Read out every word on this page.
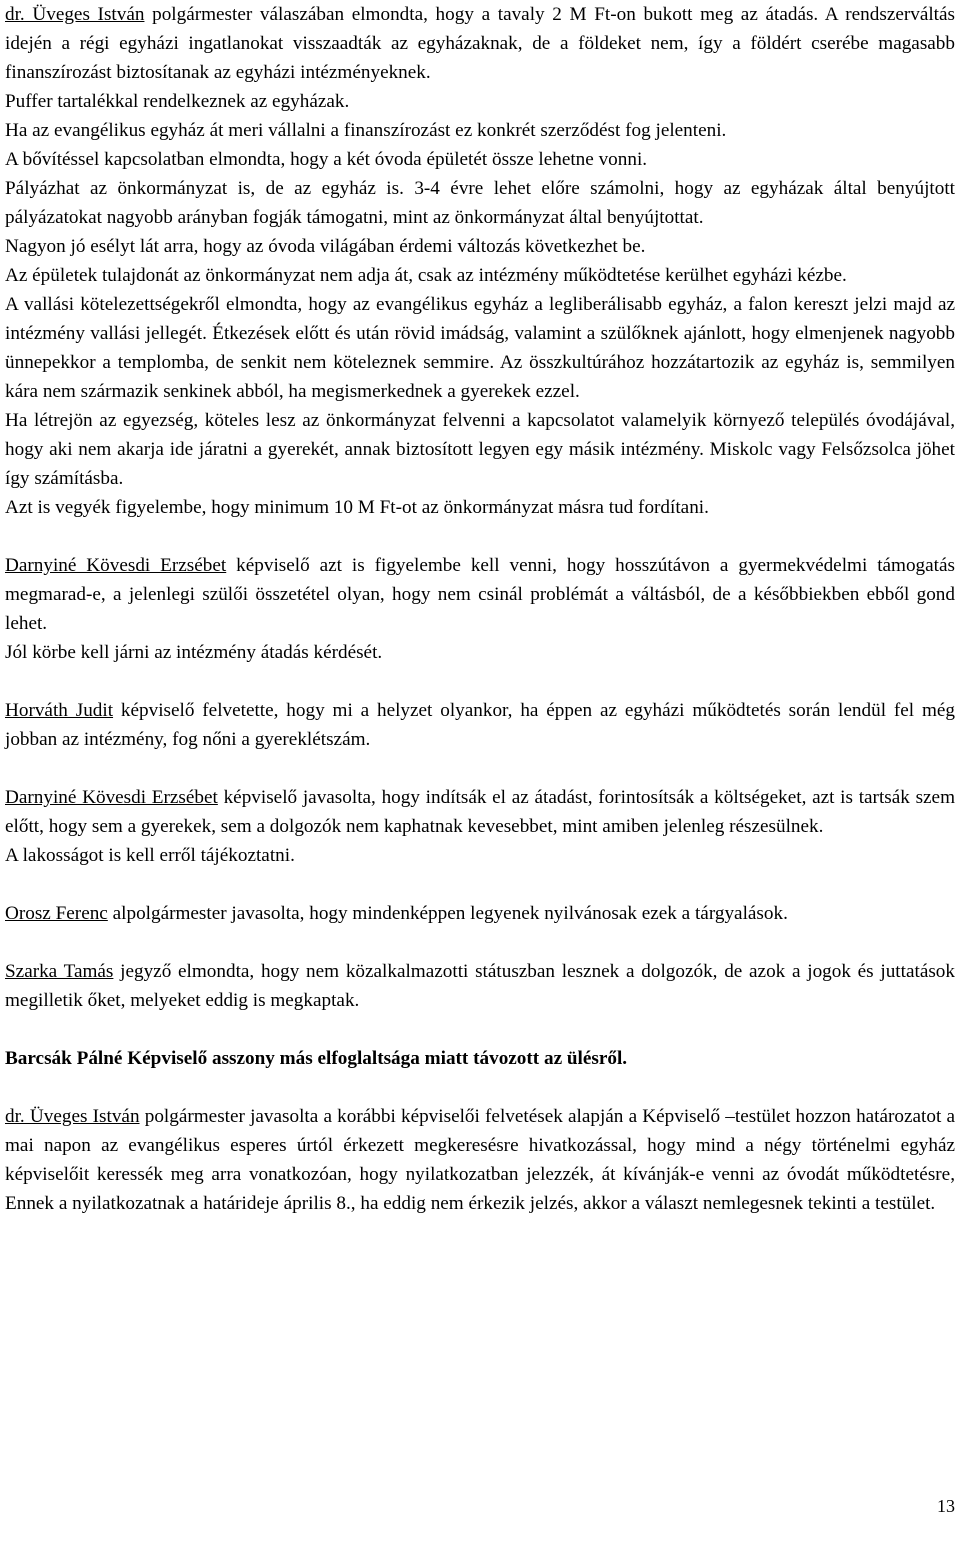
dr. Üveges István polgármester válaszában elmondta, hogy a tavaly 2 M Ft-on bukott meg az átadás. A rendszerváltás idején a régi egyházi ingatlanokat visszaadták az egyházaknak, de a földeket nem, így a földért cserébe magasabb finanszírozást biztosítanak az egyházi intézményeknek.

Puffer tartalékkal rendelkeznek az egyházak.

Ha az evangélikus egyház át meri vállalni a finanszírozást ez konkrét szerződést fog jelenteni.

A bővítéssel kapcsolatban elmondta, hogy a két óvoda épületét össze lehetne vonni.

Pályázhat az önkormányzat is, de az egyház is. 3-4 évre lehet előre számolni, hogy az egyházak által benyújtott pályázatokat nagyobb arányban fogják támogatni, mint az önkormányzat által benyújtottat.

Nagyon jó esélyt lát arra, hogy az óvoda világában érdemi változás következhet be.

Az épületek tulajdonát az önkormányzat nem adja át, csak az intézmény működtetése kerülhet egyházi kézbe.

A vallási kötelezettségekről elmondta, hogy az evangélikus egyház a legliberálisabb egyház, a falon kereszt jelzi majd az intézmény vallási jellegét. Étkezések előtt és után rövid imádság, valamint a szülőknek ajánlott, hogy elmenjenek nagyobb ünnepekkor a templomba, de senkit nem köteleznek semmire. Az összkultúrához hozzátartozik az egyház is, semmilyen kára nem származik senkinek abból, ha megismerkednek a gyerekek ezzel.

Ha létrejön az egyezség, köteles lesz az önkormányzat felvenni a kapcsolatot valamelyik környező település óvodájával, hogy aki nem akarja ide járatni a gyerekét, annak biztosított legyen egy másik intézmény. Miskolc vagy Felsőzsolca jöhet így számításba.

Azt is vegyék figyelembe, hogy minimum 10 M Ft-ot az önkormányzat másra tud fordítani.

Darnyiné Kövesdi Erzsébet képviselő azt is figyelembe kell venni, hogy hosszútávon a gyermekvédelmi támogatás megmarad-e, a jelenlegi szülői összetétel olyan, hogy nem csinál problémát a váltásból, de a későbbiekben ebből gond lehet.

Jól körbe kell járni az intézmény átadás kérdését.

Horváth Judit képviselő felvetette, hogy mi a helyzet olyankor, ha éppen az egyházi működtetés során lendül fel még jobban az intézmény, fog nőni a gyereklétszám.

Darnyiné Kövesdi Erzsébet képviselő javasolta, hogy indítsák el az átadást, forintosítsák a költségeket, azt is tartsák szem előtt, hogy sem a gyerekek, sem a dolgozók nem kaphatnak kevesebbet, mint amiben jelenleg részesülnek.

A lakosságot is kell erről tájékoztatni.

Orosz Ferenc alpolgármester javasolta, hogy mindenképpen legyenek nyilvánosak ezek a tárgyalások.

Szarka Tamás jegyző elmondta, hogy nem közalkalmazotti státuszban lesznek a dolgozók, de azok a jogok és juttatások megilletik őket, melyeket eddig is megkaptak.

Barcsák Pálné Képviselő asszony más elfoglaltsága miatt távozott az ülésről.

dr. Üveges István polgármester javasolta a korábbi képviselői felvetések alapján a Képviselő –testület hozzon határozatot a mai napon az evangélikus esperes úrtól érkezett megkeresésre hivatkozással, hogy mind a négy történelmi egyház képviselőit keressék meg arra vonatkozóan, hogy nyilatkozatban jelezzék, át kívánják-e venni az óvodát működtetésre, Ennek a nyilatkozatnak a határideje április 8., ha eddig nem érkezik jelzés, akkor a választ nemlegesnek tekinti a testület.

13
